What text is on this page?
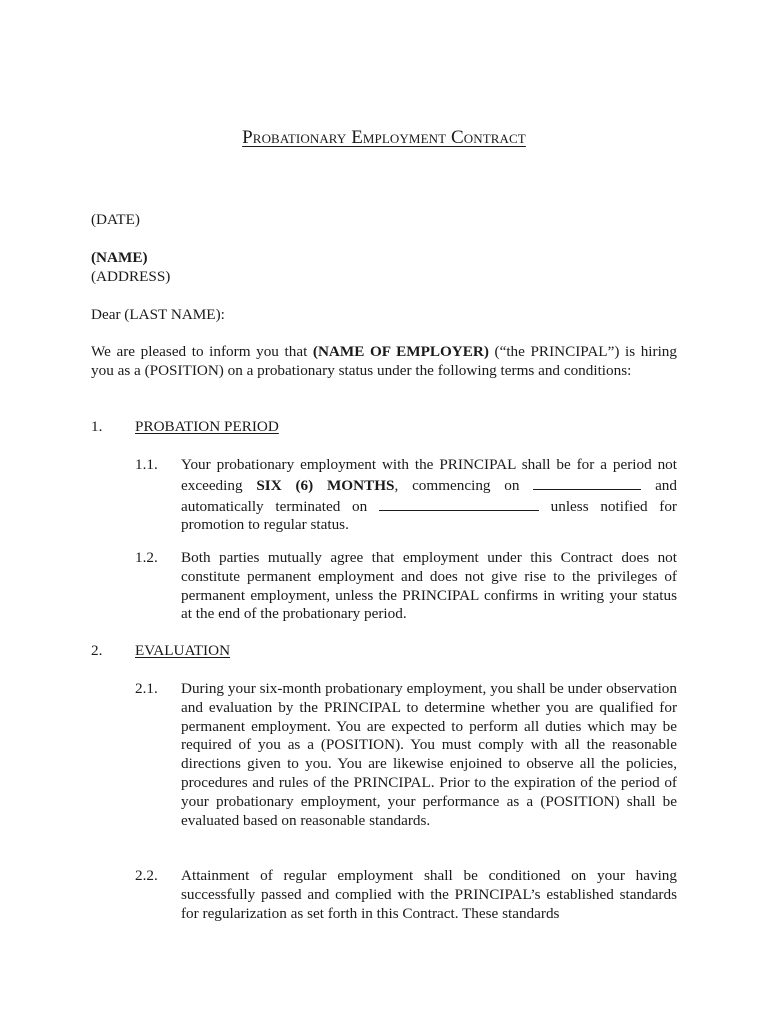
Probationary Employment Contract
(DATE)
(NAME)
(ADDRESS)
Dear (LAST NAME):
We are pleased to inform you that (NAME OF EMPLOYER) (“the PRINCIPAL”) is hiring you as a (POSITION) on a probationary status under the following terms and conditions:
1. PROBATION PERIOD
1.1. Your probationary employment with the PRINCIPAL shall be for a period not exceeding SIX (6) MONTHS, commencing on	and automatically terminated on	unless notified for promotion to regular status.
1.2. Both parties mutually agree that employment under this Contract does not constitute permanent employment and does not give rise to the privileges of permanent employment, unless the PRINCIPAL confirms in writing your status at the end of the probationary period.
2. EVALUATION
2.1. During your six-month probationary employment, you shall be under observation and evaluation by the PRINCIPAL to determine whether you are qualified for permanent employment. You are expected to perform all duties which may be required of you as a (POSITION). You must comply with all the reasonable directions given to you. You are likewise enjoined to observe all the policies, procedures and rules of the PRINCIPAL. Prior to the expiration of the period of your probationary employment, your performance as a (POSITION) shall be evaluated based on reasonable standards.
2.2. Attainment of regular employment shall be conditioned on your having successfully passed and complied with the PRINCIPAL’s established standards for regularization as set forth in this Contract. These standards
